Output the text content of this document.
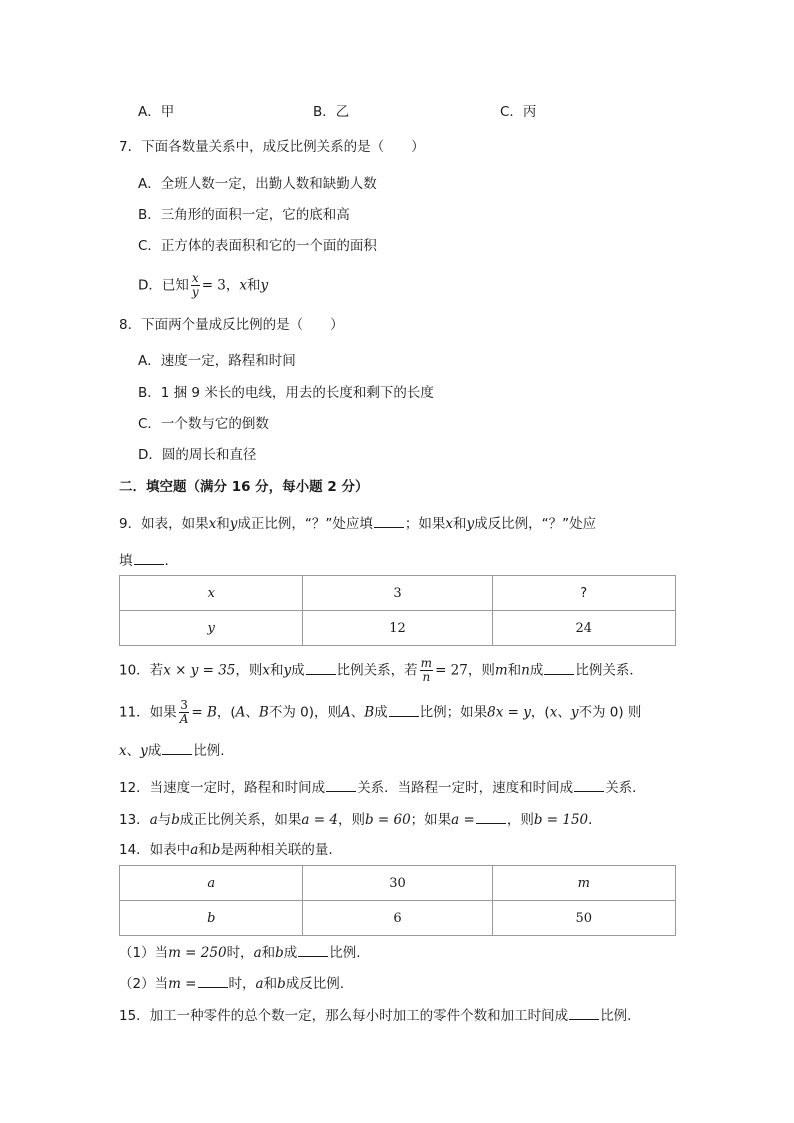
A．甲	B．乙	C．丙
7．下面各数量关系中，成反比例关系的是（　　）
A．全班人数一定，出勤人数和缺勤人数
B．三角形的面积一定，它的底和高
C．正方体的表面积和它的一个面的面积
D．已知 $\frac{x}{y} = 3$，x和y
8．下面两个量成反比例的是（　　）
A．速度一定，路程和时间
B．1 捆 9 米长的电线，用去的长度和剩下的长度
C．一个数与它的倒数
D．圆的周长和直径
二．填空题（满分 16 分，每小题 2 分）
9．如表，如果x和y成正比例，“？”处应填 ；如果x和y成反比例，“？”处应
填 .
x	3	?
y	12	24
10．若x × y = 35，则x和y成 比例关系，若 $\frac{m}{n} = 27$，则m和n成 比例关系．
11．如果 $\frac{3}{A} = B$，(A、B不为 0)，则A、B成 比例；如果8x = y，(x、y不为 0) 则
x、y成 比例.
12．当速度一定时，路程和时间成 关系．当路程一定时，速度和时间成 关系．
13．a与b成正比例关系，如果a = 4，则b = 60；如果a = ，则b = 150．
14．如表中a和b是两种相关联的量.
a	30	m
b	6	50
（1）当m = 250时，a和b成 比例.
（2）当m = 时，a和b成反比例.
15．加工一种零件的总个数一定，那么每小时加工的零件个数和加工时间成 比例.
